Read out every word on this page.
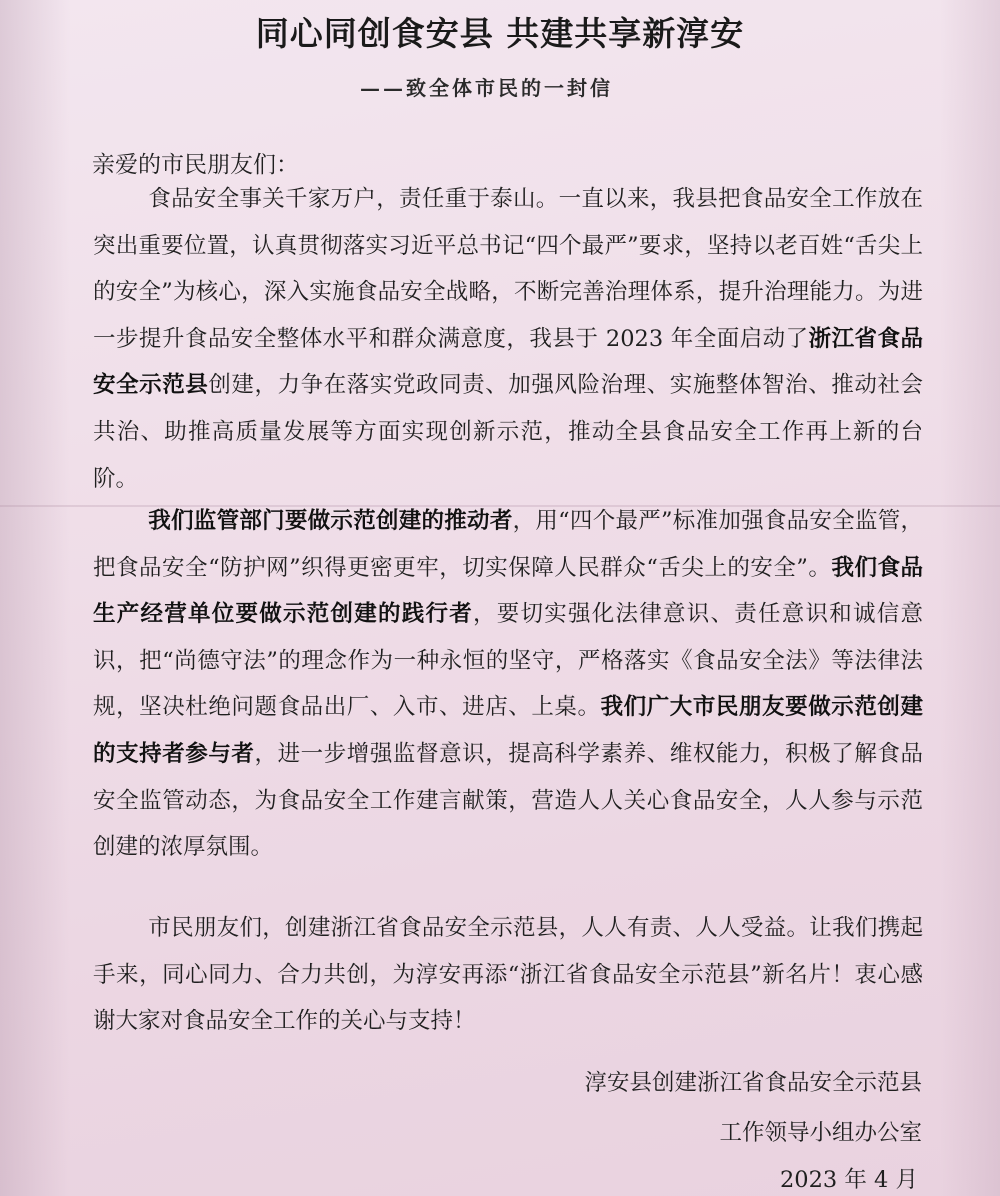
同心同创食安县 共建共享新淳安
——致全体市民的一封信
亲爱的市民朋友们：
食品安全事关千家万户，责任重于泰山。一直以来，我县把食品安全工作放在突出重要位置，认真贯彻落实习近平总书记“四个最严”要求，坚持以老百姓“舌尖上的安全”为核心，深入实施食品安全战略，不断完善治理体系，提升治理能力。为进一步提升食品安全整体水平和群众满意度，我县于 2023 年全面启动了浙江省食品安全示范县创建，力争在落实党政同责、加强风险治理、实施整体智治、推动社会共治、助推高质量发展等方面实现创新示范，推动全县食品安全工作再上新的台阶。
我们监管部门要做示范创建的推动者，用“四个最严”标准加强食品安全监管，把食品安全“防护网”织得更密更牢，切实保障人民群众“舌尖上的安全”。我们食品生产经营单位要做示范创建的践行者，要切实强化法律意识、责任意识和诚信意识，把“尚德守法”的理念作为一种永恒的坚守，严格落实《食品安全法》等法律法规，坚决杜绝问题食品出厂、入市、进店、上桌。我们广大市民朋友要做示范创建的支持者参与者，进一步增强监督意识，提高科学素养、维权能力，积极了解食品安全监管动态，为食品安全工作建言献策，营造人人关心食品安全，人人参与示范创建的浓厚氛围。
市民朋友们，创建浙江省食品安全示范县，人人有责、人人受益。让我们携起手来，同心同力、合力共创，为淳安再添“浙江省食品安全示范县”新名片！衷心感谢大家对食品安全工作的关心与支持！
淳安县创建浙江省食品安全示范县
工作领导小组办公室
2023 年 4 月
